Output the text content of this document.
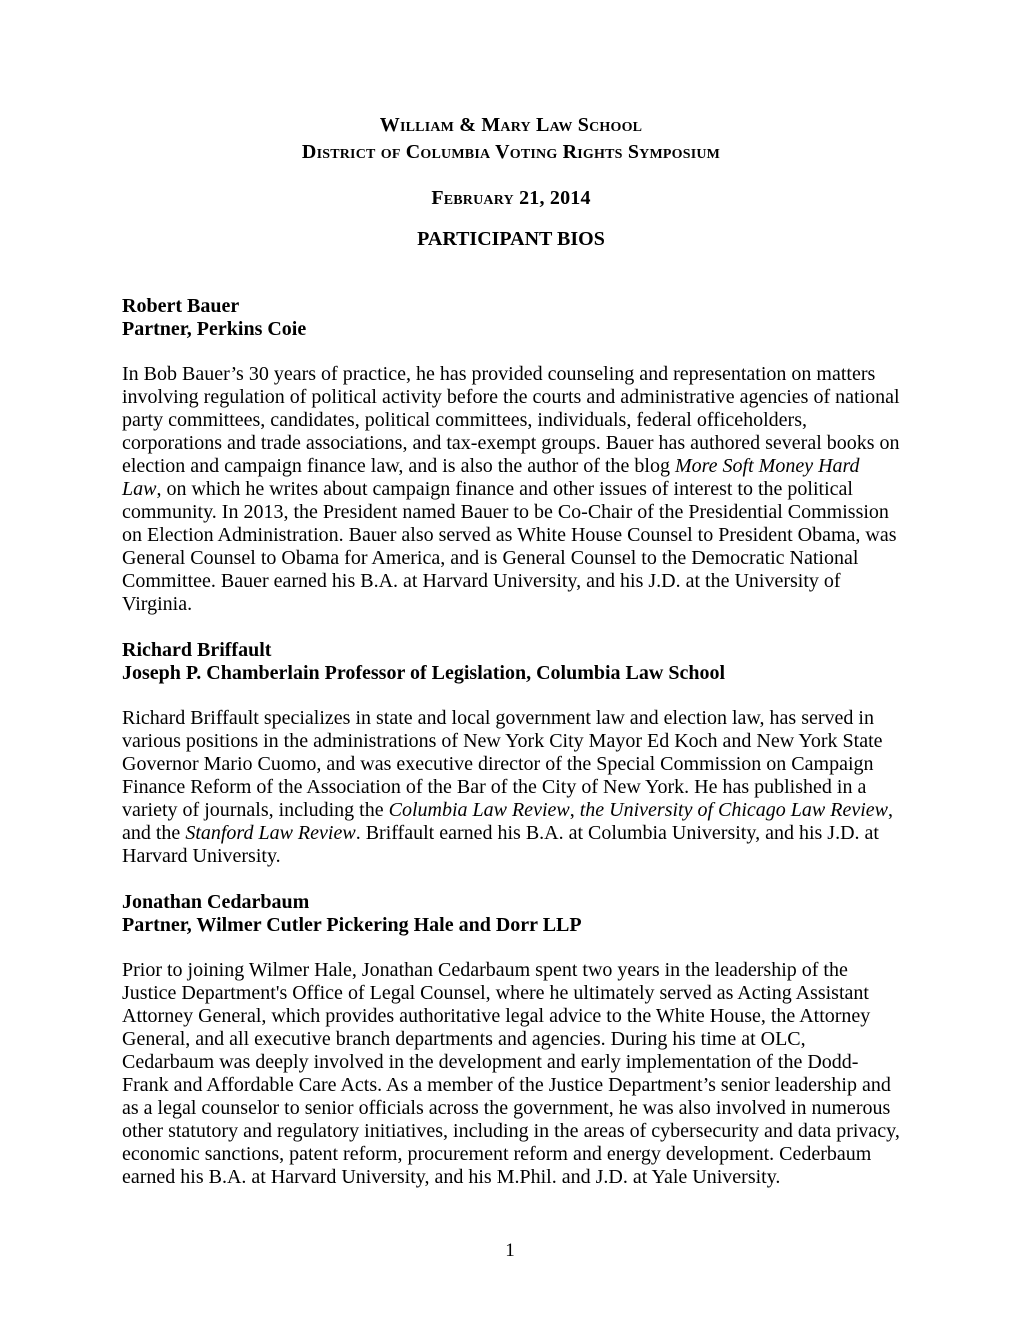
William & Mary Law School
District of Columbia Voting Rights Symposium
February 21, 2014
PARTICIPANT BIOS
Robert Bauer
Partner, Perkins Coie

In Bob Bauer’s 30 years of practice, he has provided counseling and representation on matters involving regulation of political activity before the courts and administrative agencies of national party committees, candidates, political committees, individuals, federal officeholders, corporations and trade associations, and tax-exempt groups. Bauer has authored several books on election and campaign finance law, and is also the author of the blog More Soft Money Hard Law, on which he writes about campaign finance and other issues of interest to the political community. In 2013, the President named Bauer to be Co-Chair of the Presidential Commission on Election Administration. Bauer also served as White House Counsel to President Obama, was General Counsel to Obama for America, and is General Counsel to the Democratic National Committee. Bauer earned his B.A. at Harvard University, and his J.D. at the University of Virginia.

Richard Briffault
Joseph P. Chamberlain Professor of Legislation, Columbia Law School

Richard Briffault specializes in state and local government law and election law, has served in various positions in the administrations of New York City Mayor Ed Koch and New York State Governor Mario Cuomo, and was executive director of the Special Commission on Campaign Finance Reform of the Association of the Bar of the City of New York. He has published in a variety of journals, including the Columbia Law Review, the University of Chicago Law Review, and the Stanford Law Review. Briffault earned his B.A. at Columbia University, and his J.D. at Harvard University.

Jonathan Cedarbaum
Partner, Wilmer Cutler Pickering Hale and Dorr LLP

Prior to joining Wilmer Hale, Jonathan Cedarbaum spent two years in the leadership of the Justice Department's Office of Legal Counsel, where he ultimately served as Acting Assistant Attorney General, which provides authoritative legal advice to the White House, the Attorney General, and all executive branch departments and agencies. During his time at OLC, Cedarbaum was deeply involved in the development and early implementation of the Dodd-Frank and Affordable Care Acts. As a member of the Justice Department’s senior leadership and as a legal counselor to senior officials across the government, he was also involved in numerous other statutory and regulatory initiatives, including in the areas of cybersecurity and data privacy, economic sanctions, patent reform, procurement reform and energy development. Cederbaum earned his B.A. at Harvard University, and his M.Phil. and J.D. at Yale University.

1
